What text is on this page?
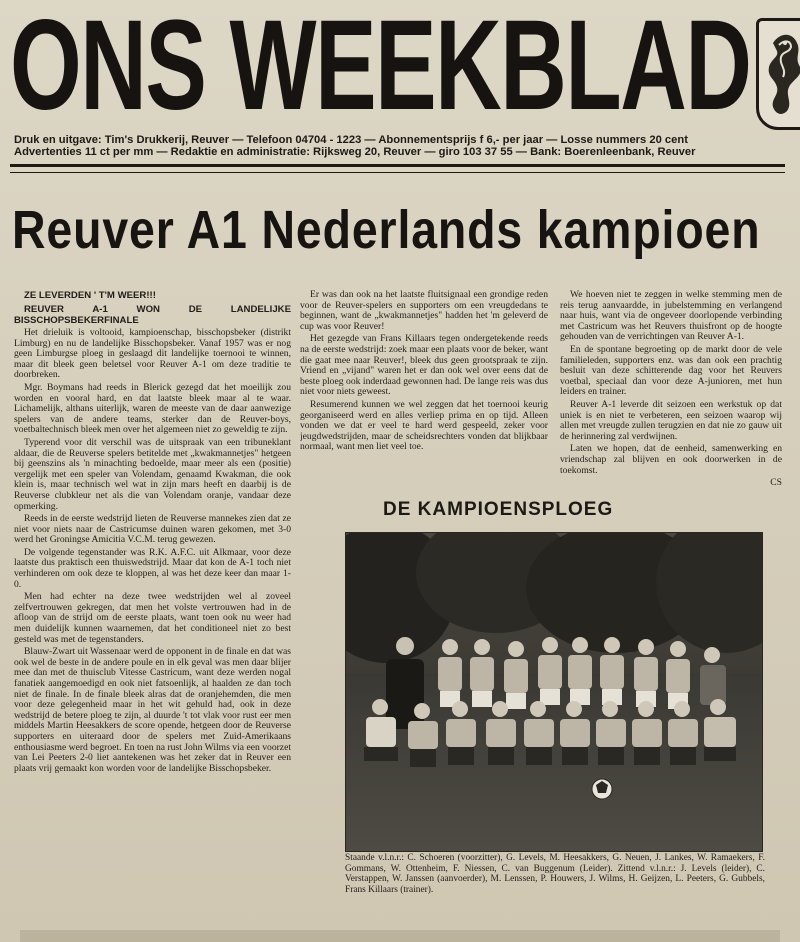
ONS WEEKBLAD
Druk en uitgave: Tim's Drukkerij, Reuver — Telefoon 04704 - 1223 — Abonnementsprijs f 6,- per jaar — Losse nummers 20 cent
Advertenties 11 ct per mm — Redaktie en administratie: Rijksweg 20, Reuver — giro 103 37 55 — Bank: Boerenleenbank, Reuver
Reuver A1 Nederlands kampioen

ZE LEVERDEN ' T'M WEER!!!

REUVER A-1 WON DE LANDELIJKE BISSCHOPSBEKERFINALE

Het drieluik is voltooid, kampioenschap, bisschopsbeker (distrikt Limburg) en nu de landelijke Bisschopsbeker. Vanaf 1957 was er nog geen Limburgse ploeg in geslaagd dit landelijke toernooi te winnen, maar dit bleek geen beletsel voor Reuver A-1 om deze traditie te doorbreken.

Mgr. Boymans had reeds in Blerick gezegd dat het moeilijk zou worden en vooral hard, en dat laatste bleek maar al te waar. Lichamelijk, althans uiterlijk, waren de meeste van de daar aanwezige spelers van de andere teams, sterker dan de Reuver-boys, voetbaltechnisch bleek men over het algemeen niet zo geweldig te zijn.

Typerend voor dit verschil was de uitspraak van een tribuneklant aldaar, die de Reuverse spelers betitelde met „kwakmannetjes" hetgeen bij geenszins als 'n minachting bedoelde, maar meer als een (positie) vergelijk met een speler van Volendam, genaamd Kwakman, die ook klein is, maar technisch wel wat in zijn mars heeft en daarbij is de Reuverse clubkleur net als die van Volendam oranje, vandaar deze opmerking.

Reeds in de eerste wedstrijd lieten de Reuverse mannekes zien dat ze niet voor niets naar de Castricumse duinen waren gekomen, met 3-0 werd het Groningse Amicitia V.C.M. terug gewezen.

De volgende tegenstander was R.K. A.F.C. uit Alkmaar, voor deze laatste dus praktisch een thuiswedstrijd. Maar dat kon de A-1 toch niet verhinderen om ook deze te kloppen, al was het deze keer dan maar 1-0.

Men had echter na deze twee wedstrijden wel al zoveel zelfvertrouwen gekregen, dat men het volste vertrouwen had in de afloop van de strijd om de eerste plaats, want toen ook nu weer had men duidelijk kunnen waarnemen, dat het conditioneel niet zo best gesteld was met de tegenstanders.

Blauw-Zwart uit Wassenaar werd de opponent in de finale en dat was ook wel de beste in de andere poule en in elk geval was men daar blijer mee dan met de thuisclub Vitesse Castricum, want deze werden nogal fanatiek aangemoedigd en ook niet fatsoenlijk, al haalden ze dan toch niet de finale. In de finale bleek alras dat de oranjehemden, die men voor deze gelegenheid maar in het wit gehuld had, ook in deze wedstrijd de betere ploeg te zijn, al duurde 't tot vlak voor rust eer men middels Martin Heesakkers de score opende, hetgeen door de Reuverse supporters en uiteraard door de spelers met Zuid-Amerikaans enthousiasme werd begroet. En toen na rust John Wilms via een voorzet van Lei Peeters 2-0 liet aantekenen was het zeker dat in Reuver een plaats vrij gemaakt kon worden voor de landelijke Bisschopsbeker.

Er was dan ook na het laatste fluitsignaal een grondige reden voor de Reuver-spelers en supporters om een vreugdedans te beginnen, want de „kwakmannetjes" hadden het 'm geleverd de cup was voor Reuver!

Het gezegde van Frans Killaars tegen ondergetekende reeds na de eerste wedstrijd: zoek maar een plaats voor de beker, want die gaat mee naar Reuver!, bleek dus geen grootspraak te zijn. Vriend en „vijand" waren het er dan ook wel over eens dat de beste ploeg ook inderdaad gewonnen had. De lange reis was dus niet voor niets geweest.

Resumerend kunnen we wel zeggen dat het toernooi keurig georganiseerd werd en alles verliep prima en op tijd. Alleen vonden we dat er veel te hard werd gespeeld, zeker voor jeugdwedstrijden, maar de scheidsrechters vonden dat blijkbaar normaal, want men liet veel toe.

We hoeven niet te zeggen in welke stemming men de reis terug aanvaardde, in jubelstemming en verlangend naar huis, want via de ongeveer doorlopende verbinding met Castricum was het Reuvers thuisfront op de hoogte gehouden van de verrichtingen van Reuver A-1.

En de spontane begroeting op de markt door de vele familieleden, supporters enz. was dan ook een prachtig besluit van deze schitterende dag voor het Reuvers voetbal, speciaal dan voor deze A-junioren, met hun leiders en trainer.

Reuver A-1 leverde dit seizoen een werkstuk op dat uniek is en niet te verbeteren, een seizoen waarop wij allen met vreugde zullen terugzien en dat nie zo gauw uit de herinnering zal verdwijnen.

Laten we hopen, dat de eenheid, samenwerking en vriendschap zal blijven en ook doorwerken in de toekomst.

CS

DE KAMPIOENSPLOEG
Staande v.l.n.r.: C. Schoeren (voorzitter), G. Levels, M. Heesakkers, G. Neuen, J. Lankes, W. Ramaekers, F. Gommans, W. Ottenheim, F. Niessen, C. van Buggenum (Leider). Zittend v.l.n.r.: J. Levels (leider), C. Verstappen, W. Janssen (aanvoerder), M. Lenssen, P. Houwers, J. Wilms, H. Geijzen, L. Peeters, G. Gubbels, Frans Killaars (trainer).
